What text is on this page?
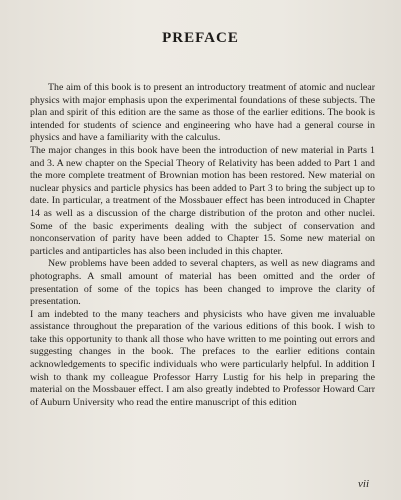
PREFACE

The aim of this book is to present an introductory treatment of atomic and nuclear physics with major emphasis upon the experimental foundations of these subjects. The plan and spirit of this edition are the same as those of the earlier editions. The book is intended for students of science and engineering who have had a general course in physics and have a familiarity with the calculus.

The major changes in this book have been the introduction of new material in Parts 1 and 3. A new chapter on the Special Theory of Relativity has been added to Part 1 and the more complete treatment of Brownian motion has been restored. New material on nuclear physics and particle physics has been added to Part 3 to bring the subject up to date. In particular, a treatment of the Mossbauer effect has been introduced in Chapter 14 as well as a discussion of the charge distribution of the proton and other nuclei. Some of the basic experiments dealing with the subject of conservation and nonconservation of parity have been added to Chapter 15. Some new material on particles and antiparticles has also been included in this chapter.

New problems have been added to several chapters, as well as new diagrams and photographs. A small amount of material has been omitted and the order of presentation of some of the topics has been changed to improve the clarity of presentation.

I am indebted to the many teachers and physicists who have given me invaluable assistance throughout the preparation of the various editions of this book. I wish to take this opportunity to thank all those who have written to me pointing out errors and suggesting changes in the book. The prefaces to the earlier editions contain acknowledgements to specific individuals who were particularly helpful. In addition I wish to thank my colleague Professor Harry Lustig for his help in preparing the material on the Mossbauer effect. I am also greatly indebted to Professor Howard Carr of Auburn University who read the entire manuscript of this edition

vii
